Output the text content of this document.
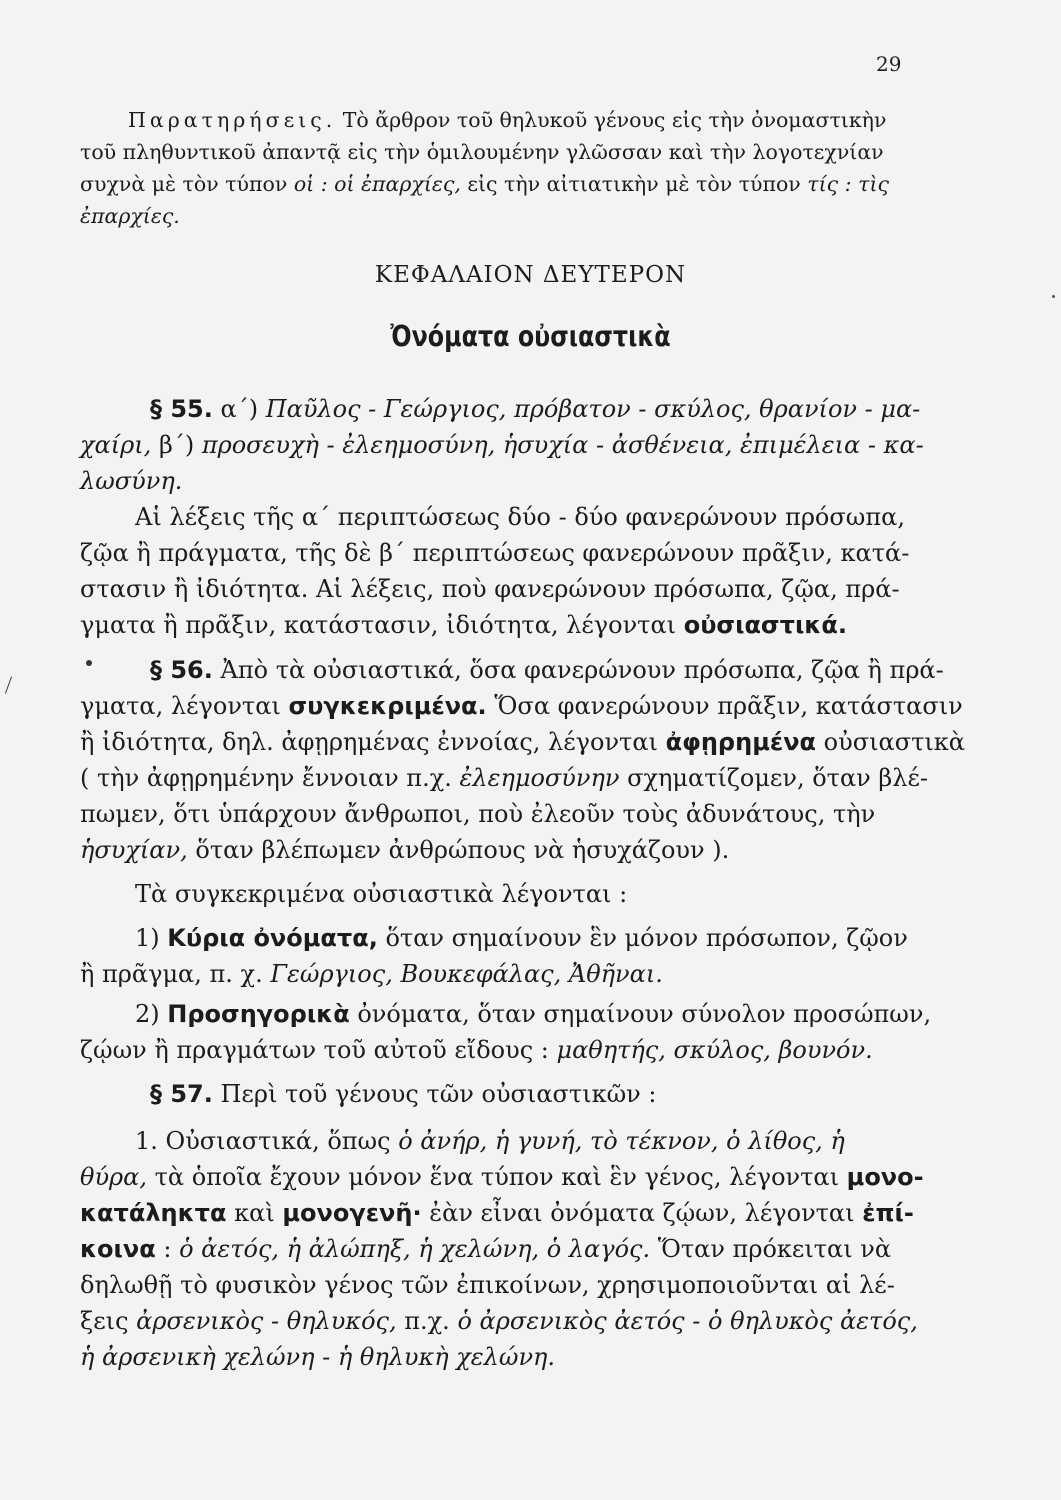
29
Παρατηρήσεις. Τὸ ἄρθρον τοῦ θηλυκοῦ γένους εἰς τὴν ὀνομαστικὴν
τοῦ πληθυντικοῦ ἀπαντᾷ εἰς τὴν ὁμιλουμένην γλῶσσαν καὶ τὴν λογοτεχνίαν
συχνὰ μὲ τὸν τύπον οἱ : οἱ ἐπαρχίες, εἰς τὴν αἰτιατικὴν μὲ τὸν τύπον τίς : τὶς
ἐπαρχίες.
ΚΕΦΑΛΑΙΟΝ ΔΕΥΤΕΡΟΝ
Ὀνόματα οὐσιαστικὰ
§ 55. α΄) Παῦλος - Γεώργιος, πρόβατον - σκύλος, θρανίον - μα-
χαίρι, β΄) προσευχὴ - ἐλεημοσύνη, ἡσυχία - ἀσθένεια, ἐπιμέλεια - κα-
λωσύνη.
Αἱ λέξεις τῆς α΄ περιπτώσεως δύο - δύο φανερώνουν πρόσωπα,
ζῷα ἢ πράγματα, τῆς δὲ β΄ περιπτώσεως φανερώνουν πρᾶξιν, κατά-
στασιν ἢ ἰδιότητα. Αἱ λέξεις, ποὺ φανερώνουν πρόσωπα, ζῷα, πρά-
γματα ἢ πρᾶξιν, κατάστασιν, ἰδιότητα, λέγονται οὐσιαστικά.
§ 56. Ἀπὸ τὰ οὐσιαστικά, ὅσα φανερώνουν πρόσωπα, ζῷα ἢ πρά-
γματα, λέγονται συγκεκριμένα. Ὅσα φανερώνουν πρᾶξιν, κατάστασιν
ἢ ἰδιότητα, δηλ. ἀφῃρημένας ἐννοίας, λέγονται ἀφῃρημένα οὐσιαστικὰ
( τὴν ἀφῃρημένην ἔννοιαν π.χ. ἐλεημοσύνην σχηματίζομεν, ὅταν βλέ-
πωμεν, ὅτι ὑπάρχουν ἄνθρωποι, ποὺ ἐλεοῦν τοὺς ἀδυνάτους, τὴν
ἡσυχίαν, ὅταν βλέπωμεν ἀνθρώπους νὰ ἡσυχάζουν ).
Τὰ συγκεκριμένα οὐσιαστικὰ λέγονται :
1) Κύρια ὀνόματα, ὅταν σημαίνουν ἓν μόνον πρόσωπον, ζῷον
ἢ πρᾶγμα, π. χ. Γεώργιος, Βουκεφάλας, Ἀθῆναι.
2) Προσηγορικὰ ὀνόματα, ὅταν σημαίνουν σύνολον προσώπων,
ζῴων ἢ πραγμάτων τοῦ αὐτοῦ εἴδους : μαθητής, σκύλος, βουνόν.
§ 57. Περὶ τοῦ γένους τῶν οὐσιαστικῶν :
1. Οὐσιαστικά, ὅπως ὁ ἀνήρ, ἡ γυνή, τὸ τέκνον, ὁ λίθος, ἡ
θύρα, τὰ ὁποῖα ἔχουν μόνον ἕνα τύπον καὶ ἓν γένος, λέγονται μονο-
κατάληκτα καὶ μονογενῆ· ἐὰν εἶναι ὀνόματα ζῴων, λέγονται ἐπί-
κοινα : ὁ ἀετός, ἡ ἀλώπηξ, ἡ χελώνη, ὁ λαγός. Ὅταν πρόκειται νὰ
δηλωθῇ τὸ φυσικὸν γένος τῶν ἐπικοίνων, χρησιμοποιοῦνται αἱ λέ-
ξεις ἀρσενικὸς - θηλυκός, π.χ. ὁ ἀρσενικὸς ἀετός - ὁ θηλυκὸς ἀετός,
ἡ ἀρσενικὴ χελώνη - ἡ θηλυκὴ χελώνη.
